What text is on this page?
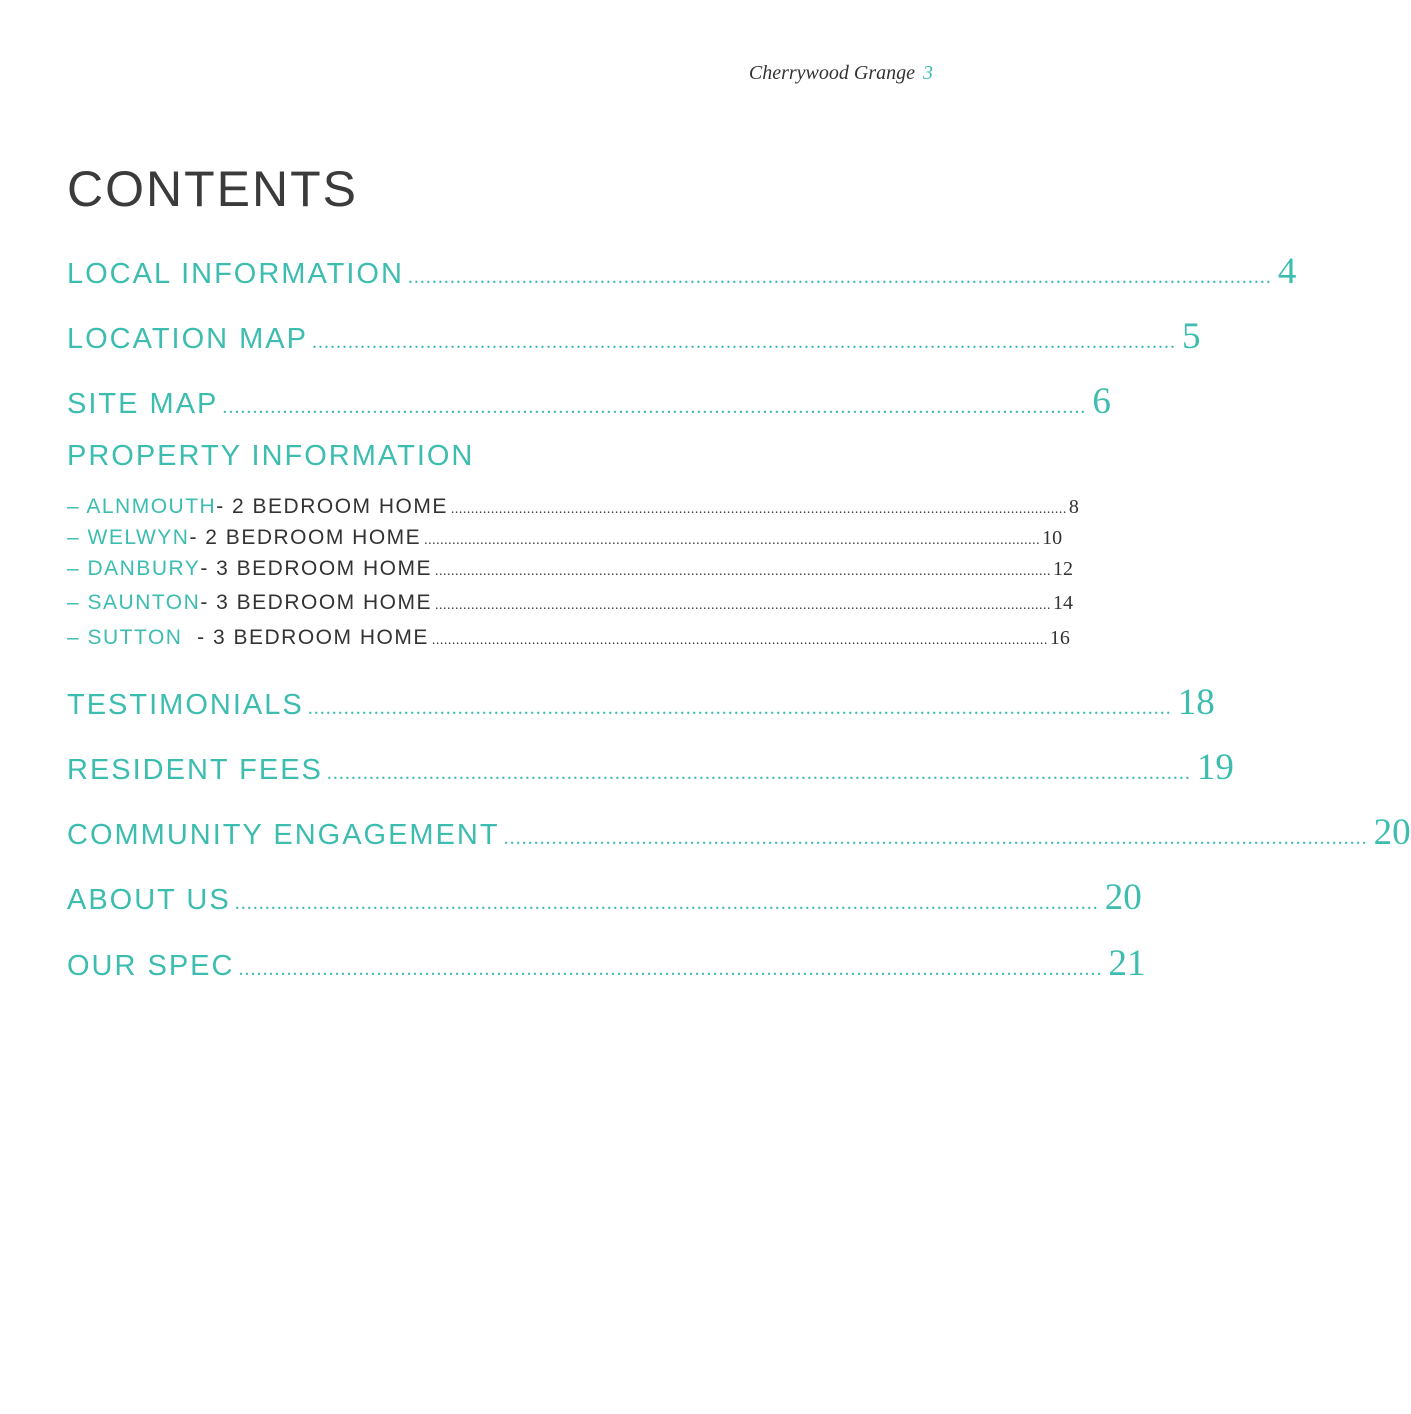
Cherrywood Grange 3
CONTENTS
LOCAL INFORMATION ................................................................................................................................................ 4
LOCATION MAP ................................................................................................................................................ 5
SITE MAP ................................................................................................................................................ 6
PROPERTY INFORMATION
– ALNMOUTH - 2 BEDROOM HOME .......................................................................................................................................................... 8
– WELWYN - 2 BEDROOM HOME .......................................................................................................................................................... 10
– DANBURY - 3 BEDROOM HOME .......................................................................................................................................................... 12
– SAUNTON - 3 BEDROOM HOME .......................................................................................................................................................... 14
– SUTTON - 3 BEDROOM HOME .......................................................................................................................................................... 16
TESTIMONIALS ................................................................................................................................................ 18
RESIDENT FEES ................................................................................................................................................ 19
COMMUNITY ENGAGEMENT ................................................................................................................................................ 20
ABOUT US ................................................................................................................................................ 20
OUR SPEC ................................................................................................................................................ 21
